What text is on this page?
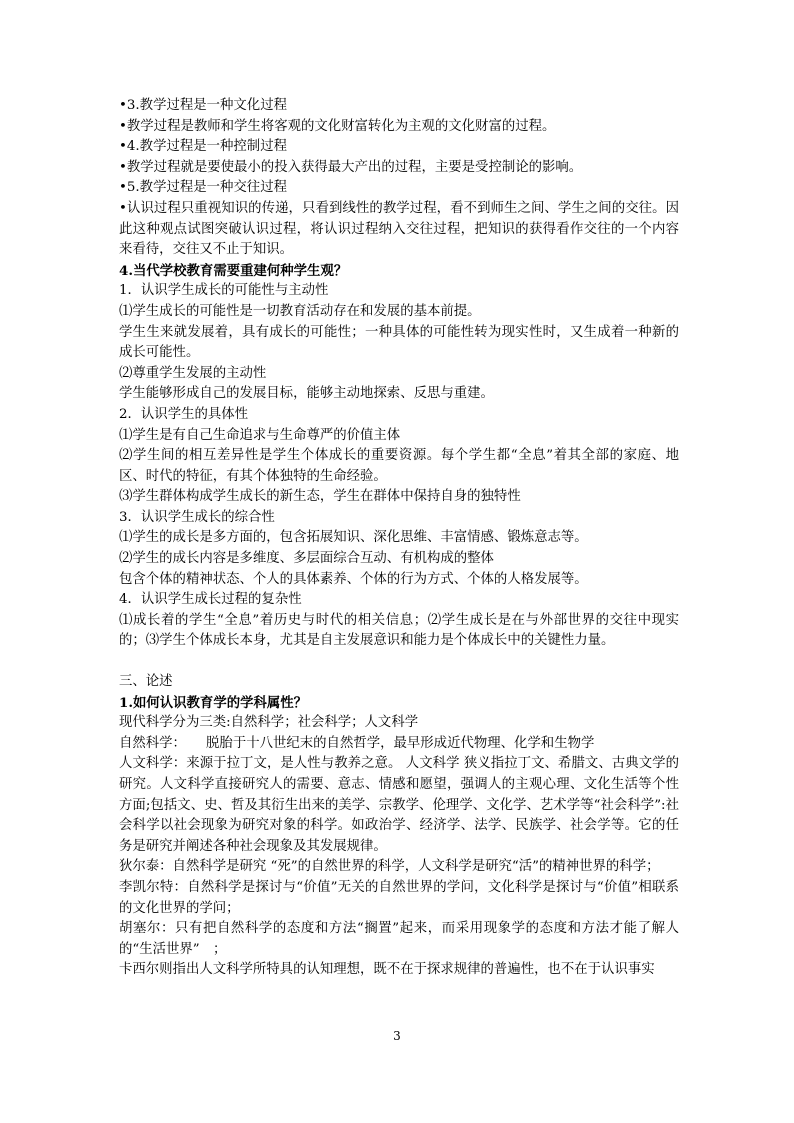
•3.教学过程是一种文化过程

•教学过程是教师和学生将客观的文化财富转化为主观的文化财富的过程。

•4.教学过程是一种控制过程

•教学过程就是要使最小的投入获得最大产出的过程，主要是受控制论的影响。

•5.教学过程是一种交往过程

•认识过程只重视知识的传递，只看到线性的教学过程，看不到师生之间、学生之间的交往。因此这种观点试图突破认识过程，将认识过程纳入交往过程，把知识的获得看作交往的一个内容来看待，交往又不止于知识。

4.当代学校教育需要重建何种学生观？

1．认识学生成长的可能性与主动性

⑴学生成长的可能性是一切教育活动存在和发展的基本前提。

学生生来就发展着，具有成长的可能性；一种具体的可能性转为现实性时，又生成着一种新的成长可能性。

⑵尊重学生发展的主动性

学生能够形成自己的发展目标，能够主动地探索、反思与重建。

2．认识学生的具体性

⑴学生是有自己生命追求与生命尊严的价值主体

⑵学生间的相互差异性是学生个体成长的重要资源。每个学生都“全息”着其全部的家庭、地区、时代的特征，有其个体独特的生命经验。

⑶学生群体构成学生成长的新生态，学生在群体中保持自身的独特性

3．认识学生成长的综合性

⑴学生的成长是多方面的，包含拓展知识、深化思维、丰富情感、锻炼意志等。

⑵学生的成长内容是多维度、多层面综合互动、有机构成的整体

包含个体的精神状态、个人的具体素养、个体的行为方式、个体的人格发展等。

4．认识学生成长过程的复杂性

⑴成长着的学生“全息”着历史与时代的相关信息；⑵学生成长是在与外部世界的交往中现实的；⑶学生个体成长本身，尤其是自主发展意识和能力是个体成长中的关键性力量。

三、论述

1.如何认识教育学的学科属性？

现代科学分为三类:自然科学；社会科学；人文科学

自然科学：　　脱胎于十八世纪末的自然哲学，最早形成近代物理、化学和生物学

人文科学：来源于拉丁文，是人性与教养之意。 人文科学 狭义指拉丁文、希腊文、古典文学的研究。人文科学直接研究人的需要、意志、情感和愿望，强调人的主观心理、文化生活等个性方面;包括文、史、哲及其衍生出来的美学、宗教学、伦理学、文化学、艺术学等“社会科学”:社会科学以社会现象为研究对象的科学。如政治学、经济学、法学、民族学、社会学等。它的任务是研究并阐述各种社会现象及其发展规律。

狄尔泰：自然科学是研究 “死”的自然世界的科学，人文科学是研究“活”的精神世界的科学；

李凯尔特：自然科学是探讨与“价值”无关的自然世界的学问，文化科学是探讨与“价值”相联系的文化世界的学问；

胡塞尔：只有把自然科学的态度和方法“搁置”起来，而采用现象学的态度和方法才能了解人的“生活世界”　；

卡西尔则指出人文科学所特具的认知理想，既不在于探求规律的普遍性，也不在于认识事实

3
